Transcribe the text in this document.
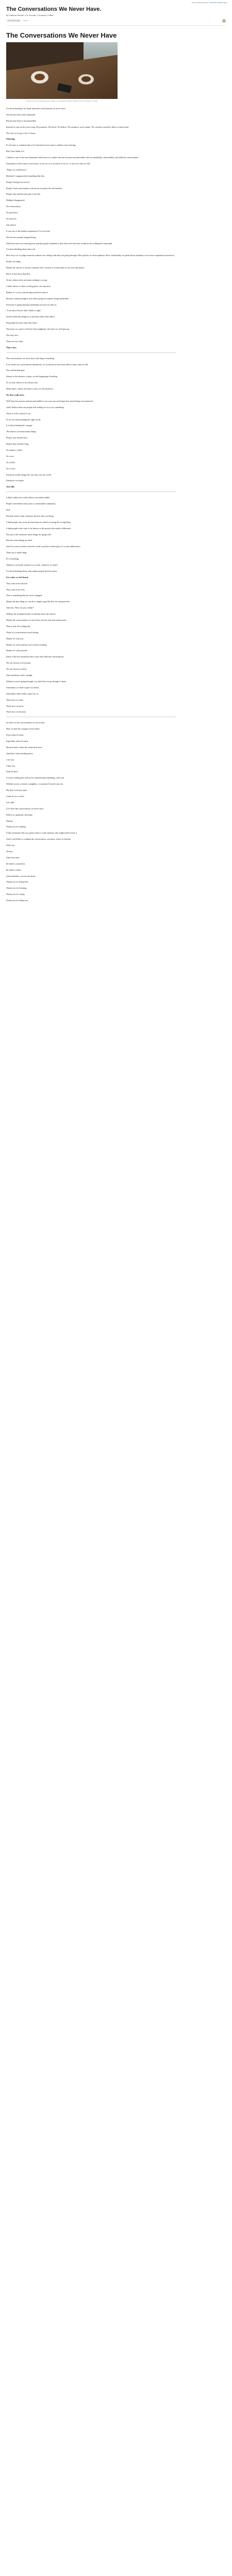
You're viewing this post? Subscribe to Mao's News
The Conversations We Never Have.
By Darlene Rendón, Co-Founder | Occupied Coffee
Add subtitle label	Feb 26
The Conversations We Never Have
A table set for two, steaming cups of coffee on a weathered surface, waiting for the conversation to begin.

I've been thinking a lot lately about the conversations we never have.

Not because they aren't important.

But because they're uncomfortable.

Instead we stay on the fence long. We postpone. We hover. We deflect. We assume it won't matter. We convince ourselves there's a better time.

Tho I bet yo've got a few of those.

Othering.

It's become so common that we've learned to move past it without even noticing.

But I don't think it is.

I think it's one of the most dominant reflections of a culture that has become uncomfortable with accountability, vulnerability, and difficult conversations.

Sometimes it feels easier to not know, to not see it, to not have to face it, to not own what we did.

"Hope we would know"

Recently I reapproached something like this.

People I had grown to love.

People I had conversations with about everyday life and families.

People who had become part of my life.

Multiple disappeared.

No conversation.

No questions.

No answers.

Just silence.

It was one of the hardest experiences I've ever had.

Not because people stopped being.

What hurt most was noticing how quickly people vanished as they knew the fork they would not be walking the same path.

I've been thinking about that a lot.

How easy it is to judge someone without ever asking what they are going through. How quickly we form opinions. How comfortably we speak about situations we've never experienced ourselves.

People we judge.

Maybe the answer is not just someone else's version of events built on our own discomfort.

But it is also more than that.

To me, silence does not mean nothing is wrong.

I think silence is often a resting place, not rejection.

Rather, it's a way of protecting ourselves from it.

Because caring enough to ask what's going on requires being vulnerable.

Everyone is going through something you have no idea of.

"I can only tell you what I think is right."

Social media has taught us to perform rather than reflect.

But people become what they know.

The more we come to feel free from judgment, the more we will open up.

Not only now.

There are two sides.

That's how.

The conversations we never have still shape everything.

If we made our conversations intentional, we would never have been able to deny what we did.

Not without dialogue.

Silence is the absence of pain, not the beginning of healing.

So we ask, silence is not always safe.

Many times, silence becomes a story we tell ourselves.

We don't talk more.

We'll become anxious and uncomfortable in our own way and forget how much being seen mattered.

And I believe there are people still waiting for us to say something.

There is still so much to say.

So it's not about finding the right words.

It is about finding the courage.

The silence can mean many things.

People who needed love.

Maybe they needed a hug.

Or maybe a coffee.

Or a text.

Or a hello.

Or a voice.

Someone would change the way they saw the world.

Somehow we forget.

Just talk.

I didn't realize how often silence can mask trouble.

People often believe they have a comfortable community.

Still.

But they need to hear someone ask how they are doing.

I think people stay away because they are afraid of saying the wrong thing.

I think people truly want to be known as the person who made a difference.

Not just in the moments when things are going well.

But also when things are hard.

And I've come to believe that the world would be a better place if we just talked more.

That's not a small thing.

It's everything.

Whatever we build, whatever we create, whatever we share.

I've been thinking about what makes people feel less alone.

It is when we feel heard.

They want to be noticed.

They want to be seen.

This is something that has never changed.

Maybe the best thing we can do is simply open the door for someone else.

And ask, "How are you, really?"

Without the assumption that we already know the answer.

Maybe the conversations we never have are the ones that matter most.

That is why I'm writing this.

There is a conversation worth having.

Maybe it's with you.

Maybe it's with someone you've been avoiding.

Maybe it's with yourself.

Some of the best moments have come from difficult conversations.

We can choose to be present.

We can choose to listen.

And sometimes, that's enough.

Whatever you're going through, you don't have to go through it alone.

Sometimes we hold a space for others.

Sometimes others hold a space for us.

That's how it works.

That's how we grow.

That's how we become.

So here's to the conversations we never have.

May we find the courage to have them.

Even when it's hard.

Especially when it's hard.

Because that's where the connection lives.

And that's where healing starts.

I see you.

I hear you.

And I'm here.

If you're reading this and you're experiencing something, reach out.

Whether you're a friend, a neighbor, or someone I haven't met yet.

My door is always open.

Come in for a coffee.

Let's talk.

Let's have the conversations we never have.

With love, gratitude, and hope.

Darlene

Thank you for reading.

If this resonated with you, please share it with someone who might need to hear it.

And if you'd like to continue the conversation, you know where to find me.

With care.

Always.

Until next time.

Be kind to yourselves.

Be kind to others.

And remember: you are not alone.

Thank you for being here.

Thank you for listening.

Thank you for caring.

Thank you for being you.
